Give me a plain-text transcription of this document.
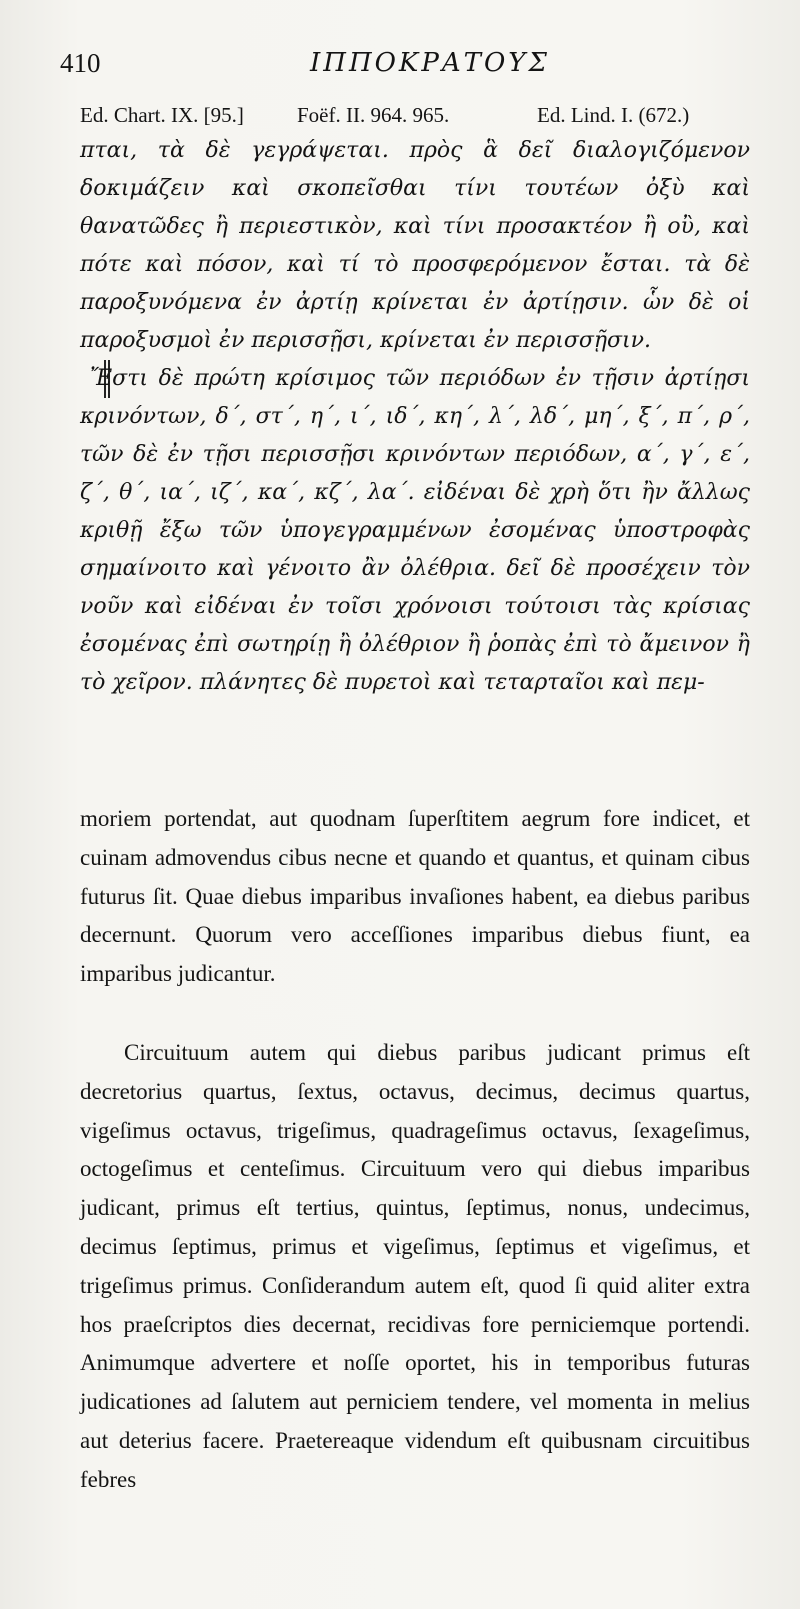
410	ΙΠΠΟΚΡΑΤΟΥΣ
Ed. Chart. IX. [95.]	Foëf. II. 964. 965.	Ed. Lind. I. (672.)
πται, τὰ δὲ γεγράψεται. πρὸς ἃ δεῖ διαλογιζόμενον δοκιμάζειν καὶ σκοπεῖσθαι τίνι τουτέων ὀξὺ καὶ θανατῶδες ἢ περιεστικὸν, καὶ τίνι προσακτέον ἢ οὒ, καὶ πότε καὶ πόσον, καὶ τί τὸ προσφερόμενον ἔσται. τὰ δὲ παροξυνόμενα ἐν ἀρτίῃ κρίνεται ἐν ἀρτίῃσιν. ὧν δὲ οἱ παροξυσμοὶ ἐν περισσῇσι, κρίνεται ἐν περισσῇσιν.
Ἔστι δὲ πρώτη κρίσιμος τῶν περιόδων ἐν τῇσιν ἀρτίῃσι κρινόντων, δ΄, στ΄, η΄, ι΄, ιδ΄, κη΄, λ΄, λδ΄, μη΄, ξ΄, π΄, ρ΄, τῶν δὲ ἐν τῇσι περισσῇσι κρινόντων περιόδων, α΄, γ΄, ε΄, ζ΄, θ΄, ια΄, ιζ΄, κα΄, κζ΄, λα΄. εἰδέναι δὲ χρὴ ὅτι ἢν ἄλλως κριθῇ ἔξω τῶν ὑπογεγραμμένων ἐσομένας ὑποστροφὰς σημαίνοιτο καὶ γένοιτο ἂν ὀλέθρια. δεῖ δὲ προσέχειν τὸν νοῦν καὶ εἰδέναι ἐν τοῖσι χρόνοισι τούτοισι τὰς κρίσιας ἐσομένας ἐπὶ σωτηρίῃ ἢ ὀλέθριον ἢ ῥοπὰς ἐπὶ τὸ ἄμεινον ἢ τὸ χεῖρον. πλάνητες δὲ πυρετοὶ καὶ τεταρταῖοι καὶ πεμ-
moriem portendat, aut quodnam ſuperſtitem aegrum fore indicet, et cuinam admovendus cibus necne et quando et quantus, et quinam cibus futurus ſit. Quae diebus imparibus invaſiones habent, ea diebus paribus decernunt. Quorum vero acceſſiones imparibus diebus fiunt, ea imparibus judicantur.
Circuituum autem qui diebus paribus judicant primus eſt decretorius quartus, ſextus, octavus, decimus, decimus quartus, vigeſimus octavus, trigeſimus, quadrageſimus octavus, ſexageſimus, octogeſimus et centeſimus. Circuituum vero qui diebus imparibus judicant, primus eſt tertius, quintus, ſeptimus, nonus, undecimus, decimus ſeptimus, primus et vigeſimus, ſeptimus et vigeſimus, et trigeſimus primus. Conſiderandum autem eſt, quod ſi quid aliter extra hos praeſcriptos dies decernat, recidivas fore perniciemque portendi. Animumque advertere et noſſe oportet, his in temporibus futuras judicationes ad ſalutem aut perniciem tendere, vel momenta in melius aut deterius facere. Praetereaque videndum eſt quibusnam circuitibus febres
